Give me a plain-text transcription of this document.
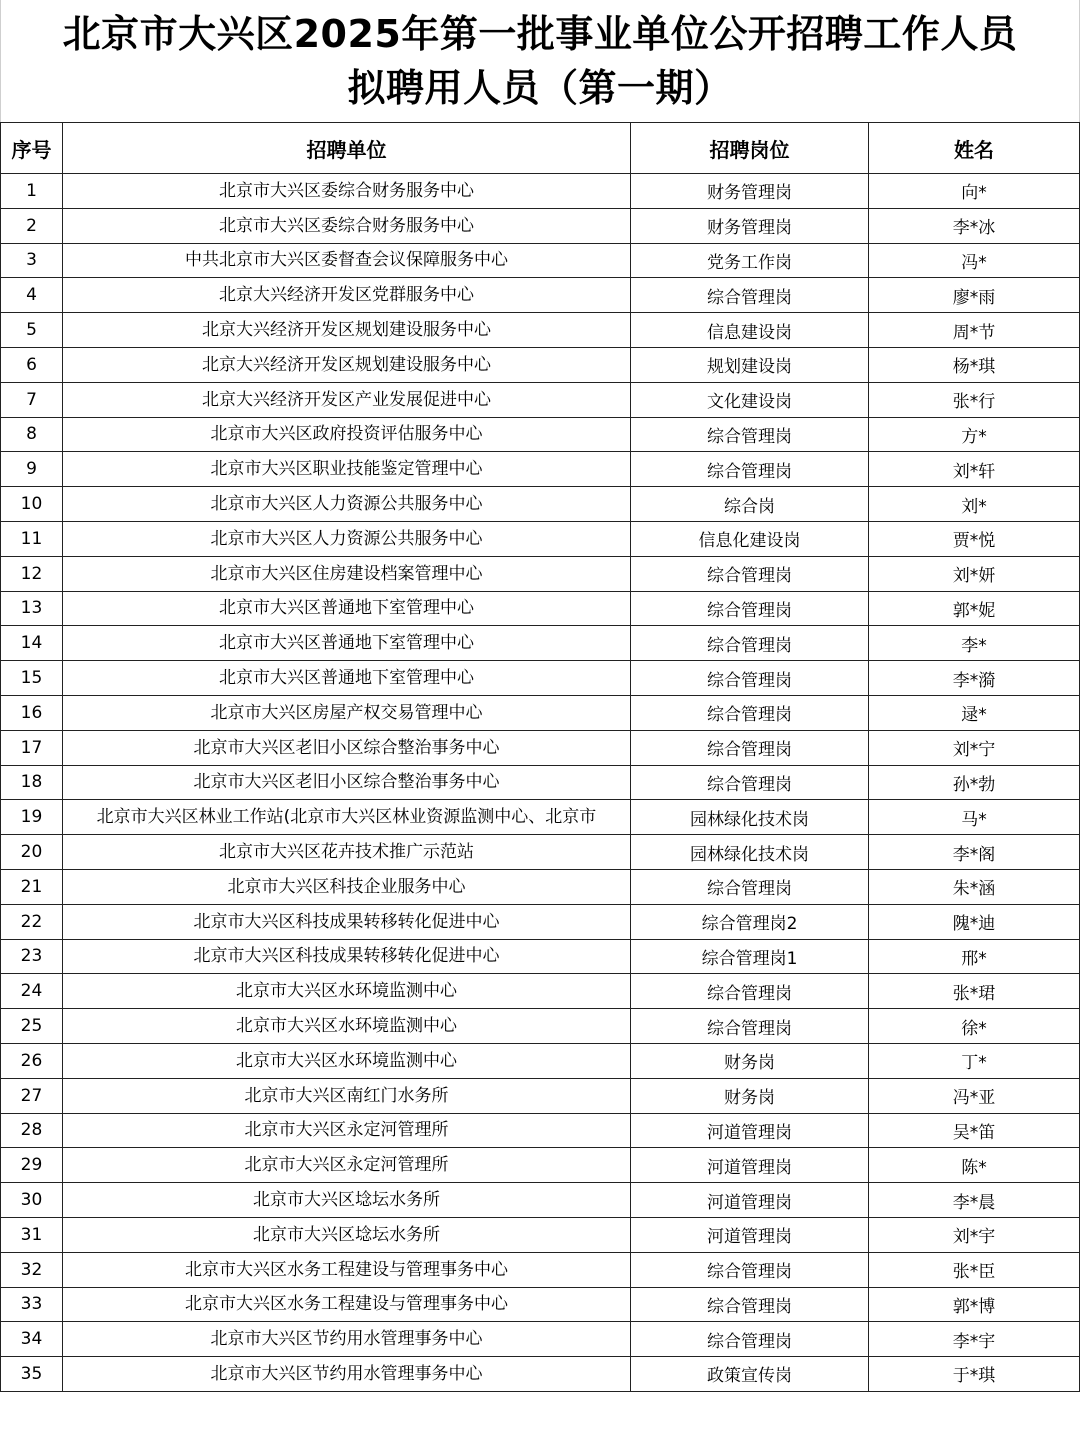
北京市大兴区2025年第一批事业单位公开招聘工作人员
拟聘用人员（第一期）
序号	招聘单位	招聘岗位	姓名
1	北京市大兴区委综合财务服务中心	财务管理岗	向*
2	北京市大兴区委综合财务服务中心	财务管理岗	李*冰
3	中共北京市大兴区委督查会议保障服务中心	党务工作岗	冯*
4	北京大兴经济开发区党群服务中心	综合管理岗	廖*雨
5	北京大兴经济开发区规划建设服务中心	信息建设岗	周*节
6	北京大兴经济开发区规划建设服务中心	规划建设岗	杨*琪
7	北京大兴经济开发区产业发展促进中心	文化建设岗	张*行
8	北京市大兴区政府投资评估服务中心	综合管理岗	方*
9	北京市大兴区职业技能鉴定管理中心	综合管理岗	刘*轩
10	北京市大兴区人力资源公共服务中心	综合岗	刘*
11	北京市大兴区人力资源公共服务中心	信息化建设岗	贾*悦
12	北京市大兴区住房建设档案管理中心	综合管理岗	刘*妍
13	北京市大兴区普通地下室管理中心	综合管理岗	郭*妮
14	北京市大兴区普通地下室管理中心	综合管理岗	李*
15	北京市大兴区普通地下室管理中心	综合管理岗	李*漪
16	北京市大兴区房屋产权交易管理中心	综合管理岗	逯*
17	北京市大兴区老旧小区综合整治事务中心	综合管理岗	刘*宁
18	北京市大兴区老旧小区综合整治事务中心	综合管理岗	孙*勃
19	北京市大兴区林业工作站(北京市大兴区林业资源监测中心、北京市	园林绿化技术岗	马*
20	北京市大兴区花卉技术推广示范站	园林绿化技术岗	李*阁
21	北京市大兴区科技企业服务中心	综合管理岗	朱*涵
22	北京市大兴区科技成果转移转化促进中心	综合管理岗2	隗*迪
23	北京市大兴区科技成果转移转化促进中心	综合管理岗1	邢*
24	北京市大兴区水环境监测中心	综合管理岗	张*珺
25	北京市大兴区水环境监测中心	综合管理岗	徐*
26	北京市大兴区水环境监测中心	财务岗	丁*
27	北京市大兴区南红门水务所	财务岗	冯*亚
28	北京市大兴区永定河管理所	河道管理岗	吴*笛
29	北京市大兴区永定河管理所	河道管理岗	陈*
30	北京市大兴区埝坛水务所	河道管理岗	李*晨
31	北京市大兴区埝坛水务所	河道管理岗	刘*宇
32	北京市大兴区水务工程建设与管理事务中心	综合管理岗	张*臣
33	北京市大兴区水务工程建设与管理事务中心	综合管理岗	郭*博
34	北京市大兴区节约用水管理事务中心	综合管理岗	李*宇
35	北京市大兴区节约用水管理事务中心	政策宣传岗	于*琪
